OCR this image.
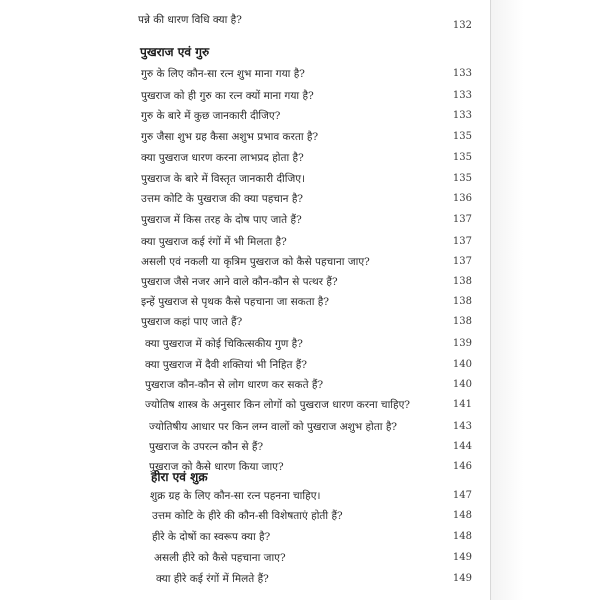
पन्ने की धारण विधि क्या है?	132
पुखराज एवं गुरु
गुरु के लिए कौन-सा रत्न शुभ माना गया है?	133
पुखराज को ही गुरु का रत्न क्यों माना गया है?	133
गुरु के बारे में कुछ जानकारी दीजिए?	133
गुरु जैसा शुभ ग्रह कैसा अशुभ प्रभाव करता है?	135
क्या पुखराज धारण करना लाभप्रद होता है?	135
पुखराज के बारे में विस्तृत जानकारी दीजिए।	135
उत्तम कोटि के पुखराज की क्या पहचान है?	136
पुखराज में किस तरह के दोष पाए जाते हैं?	137
क्या पुखराज कई रंगों में भी मिलता है?	137
असली एवं नकली या कृत्रिम पुखराज को कैसे पहचाना जाए?	137
पुखराज जैसे नजर आने वाले कौन-कौन से पत्थर हैं?	138
इन्हें पुखराज से पृथक कैसे पहचाना जा सकता है?	138
पुखराज कहां पाए जाते हैं?	138
क्या पुखराज में कोई चिकित्सकीय गुण है?	139
क्या पुखराज में दैवी शक्तियां भी निहित हैं?	140
पुखराज कौन-कौन से लोग धारण कर सकते हैं?	140
ज्योतिष शास्त्र के अनुसार किन लोगों को पुखराज धारण करना चाहिए?	141
ज्योतिषीय आधार पर किन लग्न वालों को पुखराज अशुभ होता है?	143
पुखराज के उपरत्न कौन से हैं?	144
पुखराज को कैसे धारण किया जाए?	146
हीरा एवं शुक्र
शुक्र ग्रह के लिए कौन-सा रत्न पहनना चाहिए।	147
उत्तम कोटि के हीरे की कौन-सी विशेषताएं होती हैं?	148
हीरे के दोषों का स्वरूप क्या है?	148
असली हीरे को कैसे पहचाना जाए?	149
क्या हीरे कई रंगों में मिलते हैं?	149
